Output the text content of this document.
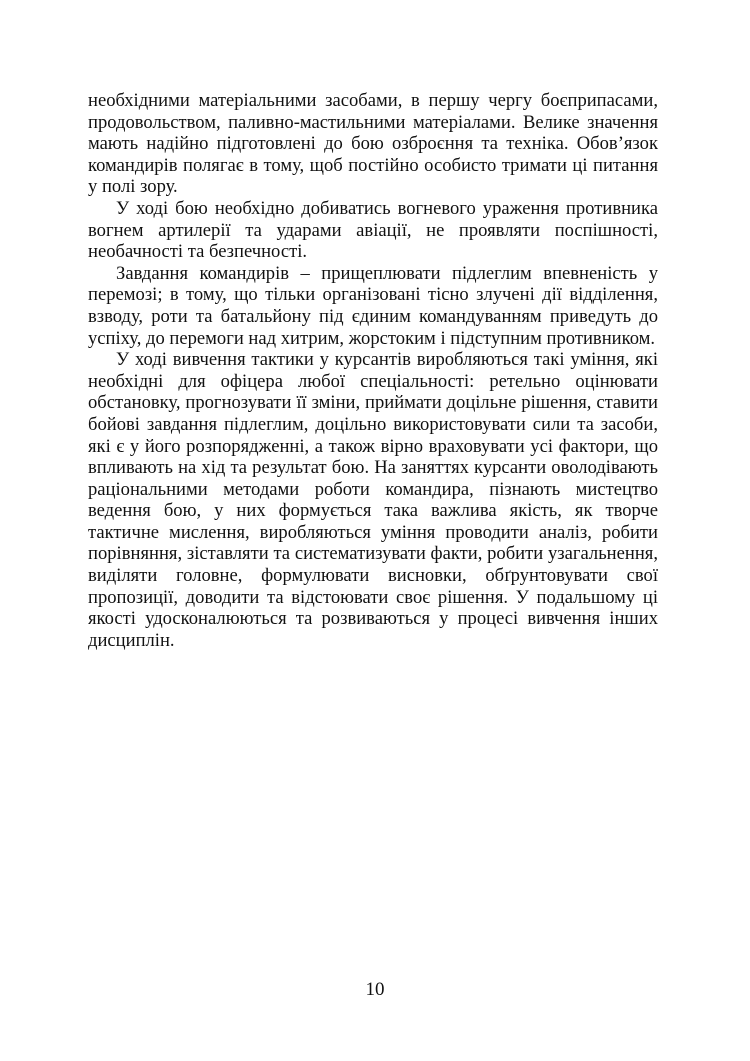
необхідними матеріальними засобами, в першу чергу боєприпасами, продовольством, паливно-мастильними матеріалами. Велике значення мають надійно підготовлені до бою озброєння та техніка. Обов’язок командирів полягає в тому, щоб постійно особисто тримати ці питання у полі зору.

У ході бою необхідно добиватись вогневого ураження противника вогнем артилерії та ударами авіації, не проявляти поспішності, необачності та безпечності.

Завдання командирів – прищеплювати підлеглим впевненість у перемозі; в тому, що тільки організовані тісно злучені дії відділення, взводу, роти та батальйону під єдиним командуванням приведуть до успіху, до перемоги над хитрим, жорстоким і підступним противником.

У ході вивчення тактики у курсантів виробляються такі уміння, які необхідні для офіцера любої спеціальності: ретельно оцінювати обстановку, прогнозувати її зміни, приймати доцільне рішення, ставити бойові завдання підлеглим, доцільно використовувати сили та засоби, які є у його розпорядженні, а також вірно враховувати усі фактори, що впливають на хід та результат бою. На заняттях курсанти оволодівають раціональними методами роботи командира, пізнають мистецтво ведення бою, у них формується така важлива якість, як творче тактичне мислення, виробляються уміння проводити аналіз, робити порівняння, зіставляти та систематизувати факти, робити узагальнення, виділяти головне, формулювати висновки, обґрунтовувати свої пропозиції, доводити та відстоювати своє рішення. У подальшому ці якості удосконалюються та розвиваються у процесі вивчення інших дисциплін.

10
